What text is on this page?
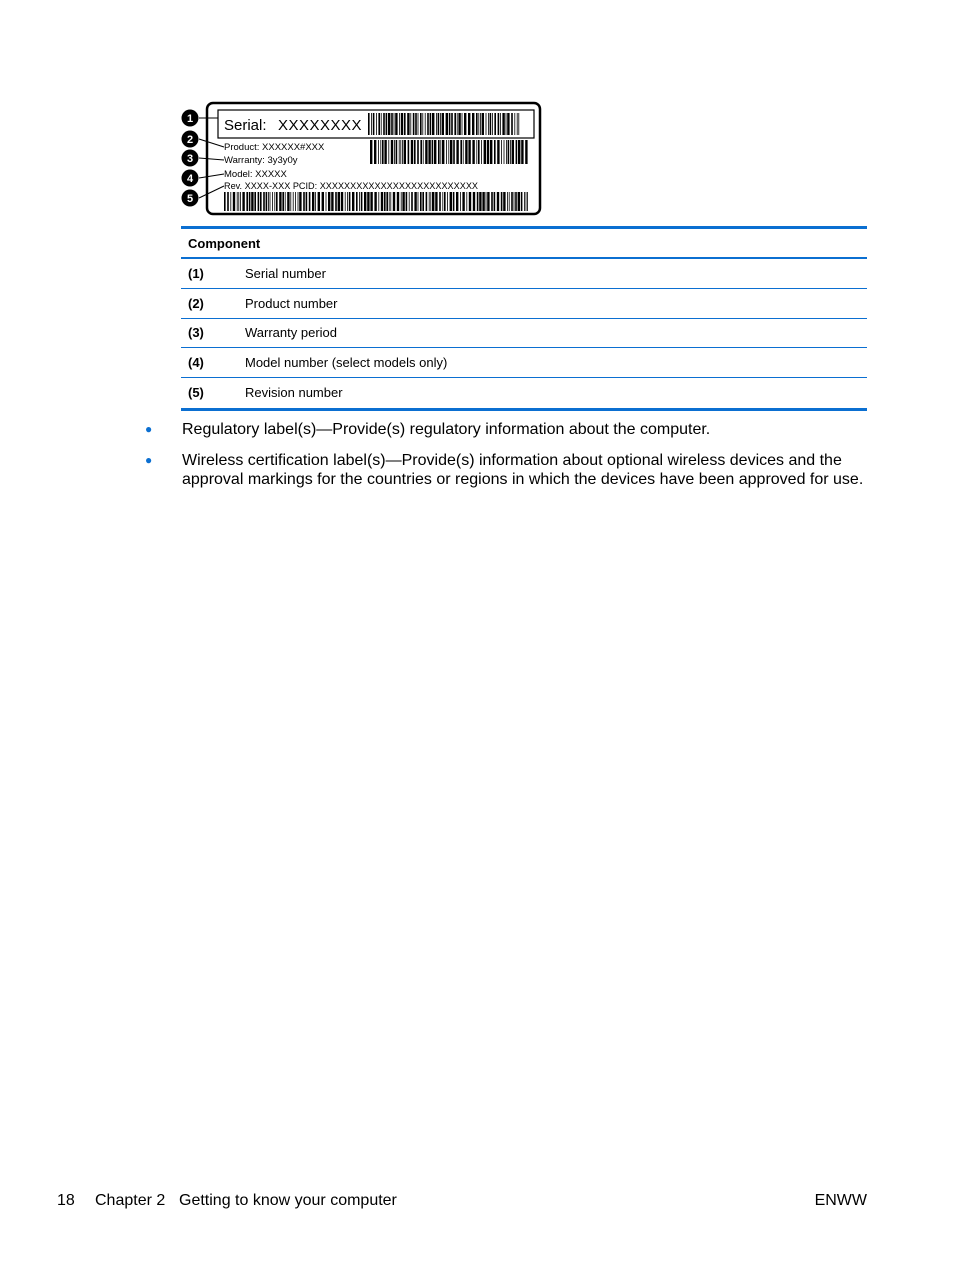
Serial: XXXXXXXX
Product: XXXXXX#XXX
Warranty: 3y3y0y
Model: XXXXX
Rev. XXXX-XXX PCID: XXXXXXXXXXXXXXXXXXXXXXXXXX
1
2
3
4
5
Component
(1)	Serial number
(2)	Product number
(3)	Warranty period
(4)	Model number (select models only)
(5)	Revision number
●	Regulatory label(s)—Provide(s) regulatory information about the computer.
●	Wireless certification label(s)—Provide(s) information about optional wireless devices and the approval markings for the countries or regions in which the devices have been approved for use.
18	Chapter 2 Getting to know your computer	ENWW
